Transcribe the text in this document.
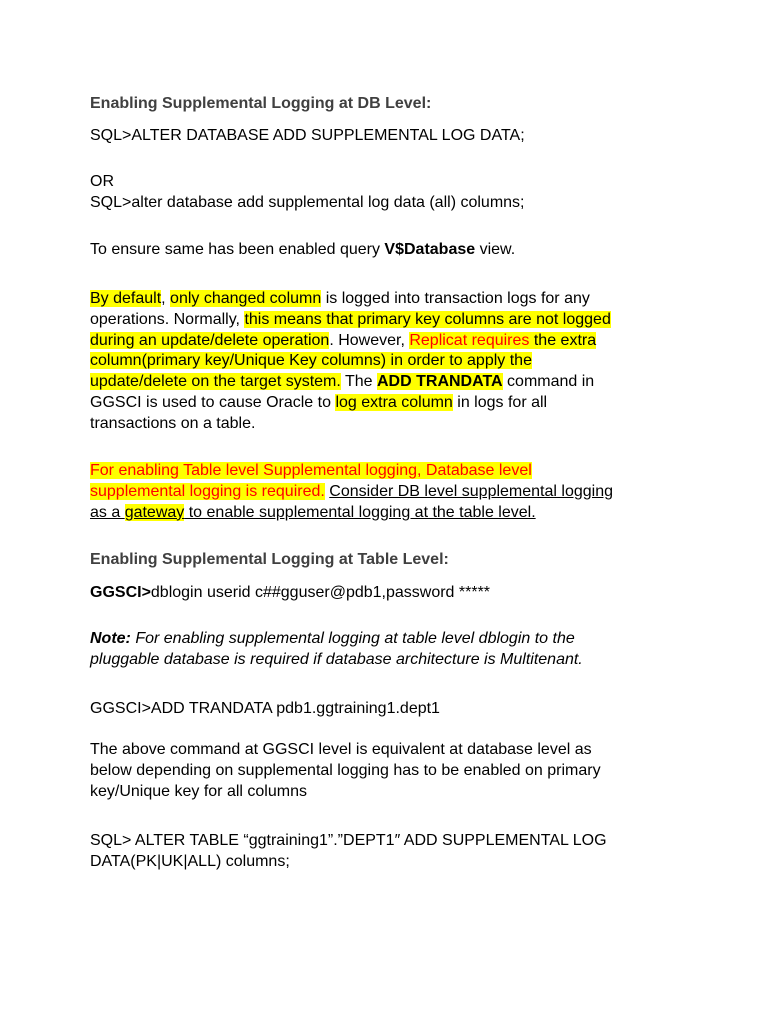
Enabling Supplemental Logging at DB Level:
SQL>ALTER DATABASE ADD SUPPLEMENTAL LOG DATA;
OR
SQL>alter database add supplemental log data (all) columns;
To ensure same has been enabled query V$Database view.
By default, only changed column is logged into transaction logs for any
operations. Normally, this means that primary key columns are not logged
during an update/delete operation. However, Replicat requires the extra
column(primary key/Unique Key columns) in order to apply the
update/delete on the target system. The ADD TRANDATA command in
GGSCI is used to cause Oracle to log extra column in logs for all
transactions on a table.
For enabling Table level Supplemental logging, Database level
supplemental logging is required. Consider DB level supplemental logging
as a gateway to enable supplemental logging at the table level.
Enabling Supplemental Logging at Table Level:
GGSCI>dblogin userid c##gguser@pdb1,password *****
Note: For enabling supplemental logging at table level dblogin to the
pluggable database is required if database architecture is Multitenant.
GGSCI>ADD TRANDATA pdb1.ggtraining1.dept1
The above command at GGSCI level is equivalent at database level as
below depending on supplemental logging has to be enabled on primary
key/Unique key for all columns
SQL> ALTER TABLE “ggtraining1”.”DEPT1″ ADD SUPPLEMENTAL LOG
DATA(PK|UK|ALL) columns;
